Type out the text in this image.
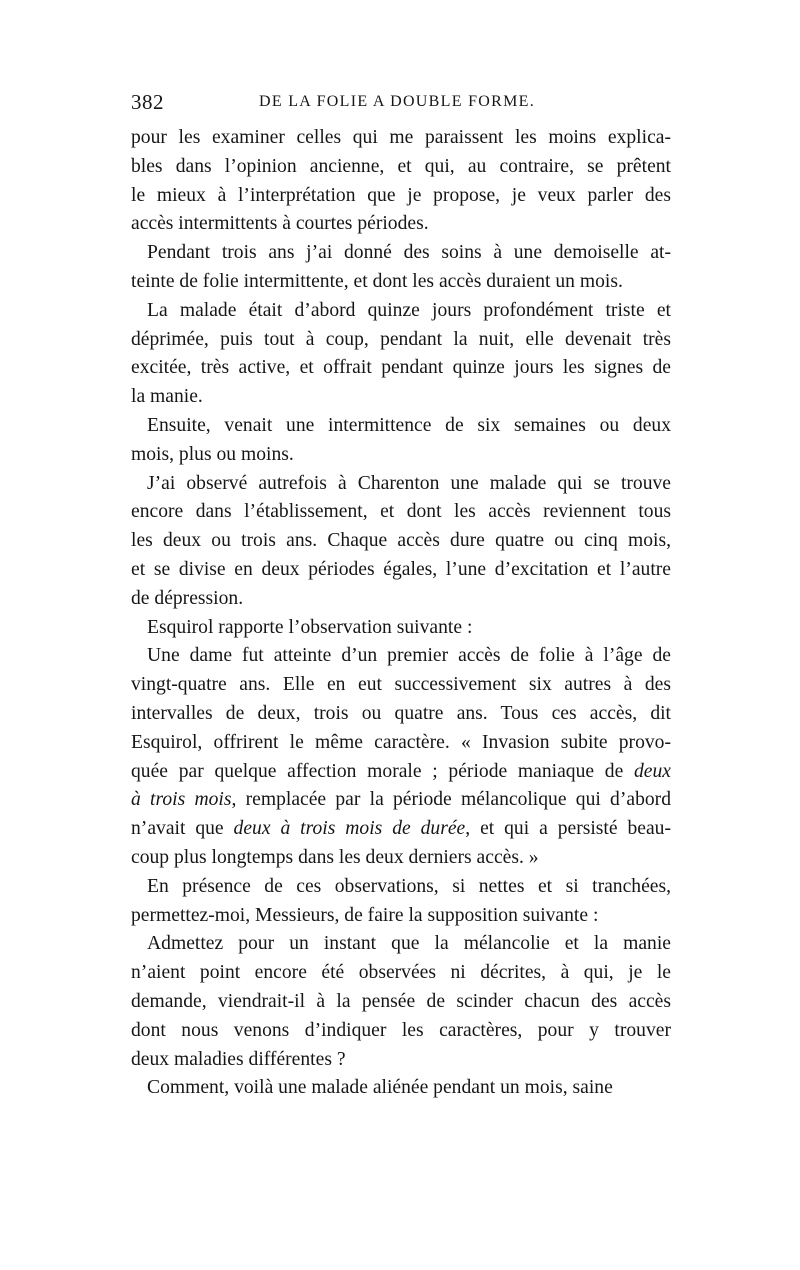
382	DE LA FOLIE A DOUBLE FORME.
pour les examiner celles qui me paraissent les moins explica-
bles dans l’opinion ancienne, et qui, au contraire, se prêtent
le mieux à l’interprétation que je propose, je veux parler des
accès intermittents à courtes périodes.
Pendant trois ans j’ai donné des soins à une demoiselle at-
teinte de folie intermittente, et dont les accès duraient un mois.
La malade était d’abord quinze jours profondément triste et
déprimée, puis tout à coup, pendant la nuit, elle devenait très
excitée, très active, et offrait pendant quinze jours les signes de
la manie.
Ensuite, venait une intermittence de six semaines ou deux
mois, plus ou moins.
J’ai observé autrefois à Charenton une malade qui se trouve
encore dans l’établissement, et dont les accès reviennent tous
les deux ou trois ans. Chaque accès dure quatre ou cinq mois,
et se divise en deux périodes égales, l’une d’excitation et l’autre
de dépression.
Esquirol rapporte l’observation suivante :
Une dame fut atteinte d’un premier accès de folie à l’âge de
vingt-quatre ans. Elle en eut successivement six autres à des
intervalles de deux, trois ou quatre ans. Tous ces accès, dit
Esquirol, offrirent le même caractère. « Invasion subite provo-
quée par quelque affection morale ; période maniaque de deux
à trois mois, remplacée par la période mélancolique qui d’abord
n’avait que deux à trois mois de durée, et qui a persisté beau-
coup plus longtemps dans les deux derniers accès. »
En présence de ces observations, si nettes et si tranchées,
permettez-moi, Messieurs, de faire la supposition suivante :
Admettez pour un instant que la mélancolie et la manie
n’aient point encore été observées ni décrites, à qui, je le
demande, viendrait-il à la pensée de scinder chacun des accès
dont nous venons d’indiquer les caractères, pour y trouver
deux maladies différentes ?
Comment, voilà une malade aliénée pendant un mois, saine
